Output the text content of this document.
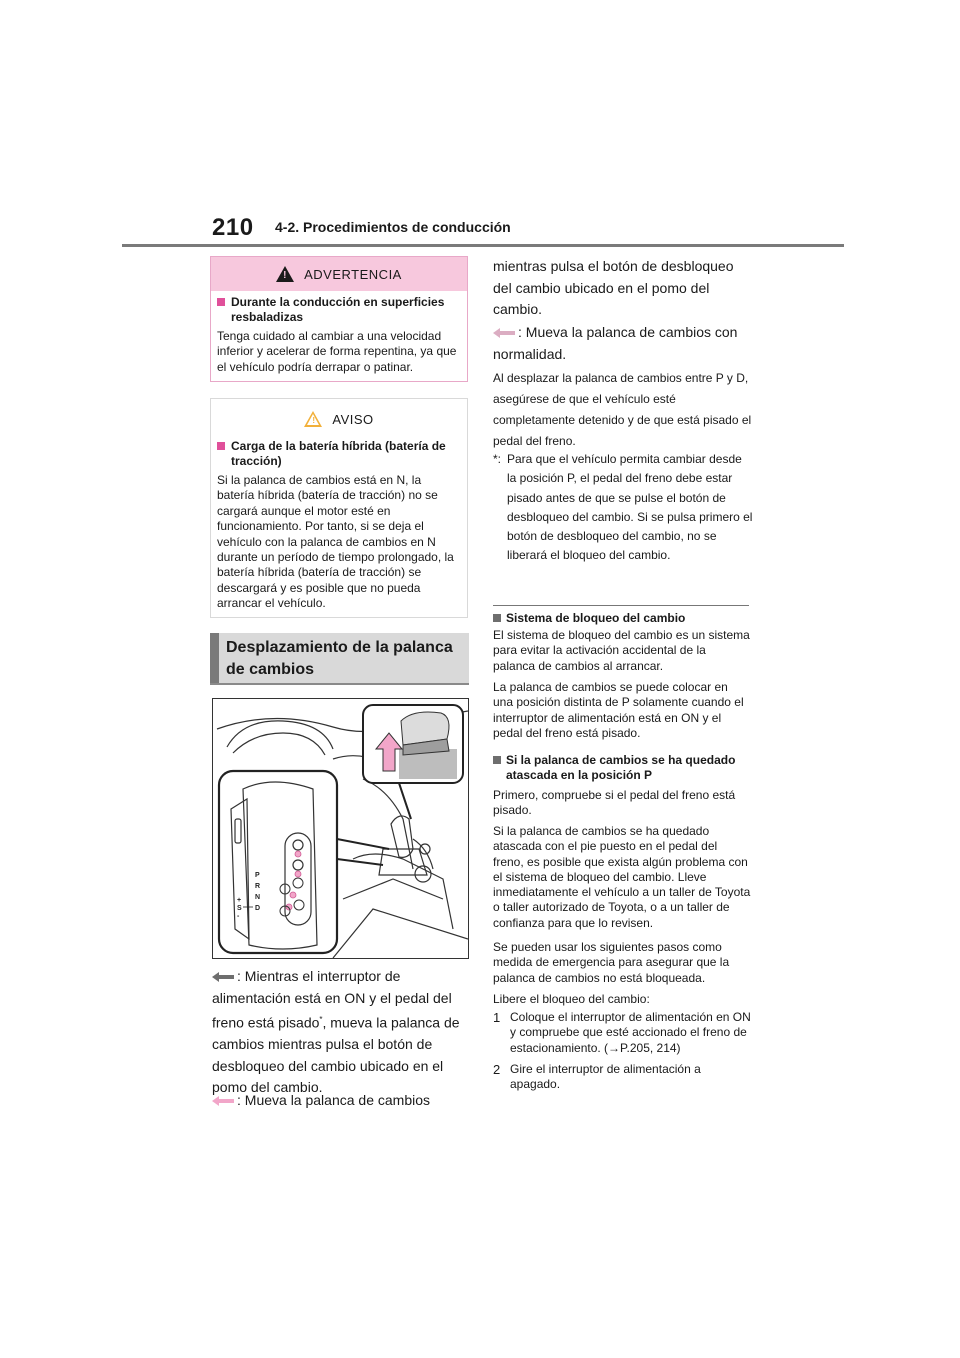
210 4-2. Procedimientos de conducción
! ADVERTENCIA
Durante la conducción en superficies resbaladizas
Tenga cuidado al cambiar a una velocidad inferior y acelerar de forma repentina, ya que el vehículo podría derrapar o patinar.
! AVISO
Carga de la batería híbrida (batería de tracción)
Si la palanca de cambios está en N, la batería híbrida (batería de tracción) no se cargará aunque el motor esté en funcionamiento. Por tanto, si se deja el vehículo con la palanca de cambios en N durante un período de tiempo prolongado, la batería híbrida (batería de tracción) se descargará y es posible que no pueda arrancar el vehículo.
Desplazamiento de la palanca
de cambios
P
R
N
D
+
S
-
: Mientras el interruptor de alimentación está en ON y el pedal del freno está pisado*, mueva la palanca de cambios mientras pulsa el botón de desbloqueo del cambio ubicado en el pomo del cambio.
: Mueva la palanca de cambios
mientras pulsa el botón de desbloqueo del cambio ubicado en el pomo del cambio.
: Mueva la palanca de cambios con normalidad.
Al desplazar la palanca de cambios entre P y D, asegúrese de que el vehículo esté completamente detenido y de que está pisado el pedal del freno.
*: Para que el vehículo permita cambiar desde la posición P, el pedal del freno debe estar pisado antes de que se pulse el botón de desbloqueo del cambio. Si se pulsa primero el botón de desbloqueo del cambio, no se liberará el bloqueo del cambio.
Sistema de bloqueo del cambio
El sistema de bloqueo del cambio es un sistema para evitar la activación accidental de la palanca de cambios al arrancar.
La palanca de cambios se puede colocar en una posición distinta de P solamente cuando el interruptor de alimentación está en ON y el pedal del freno está pisado.
Si la palanca de cambios se ha quedado atascada en la posición P
Primero, compruebe si el pedal del freno está pisado.
Si la palanca de cambios se ha quedado atascada con el pie puesto en el pedal del freno, es posible que exista algún problema con el sistema de bloqueo del cambio. Lleve inmediatamente el vehículo a un taller de Toyota o taller autorizado de Toyota, o a un taller de confianza para que lo revisen.
Se pueden usar los siguientes pasos como medida de emergencia para asegurar que la palanca de cambios no está bloqueada.
Libere el bloqueo del cambio:
1 Coloque el interruptor de alimentación en ON y compruebe que esté accionado el freno de estacionamiento. (→P.205, 214)
2 Gire el interruptor de alimentación a apagado.
